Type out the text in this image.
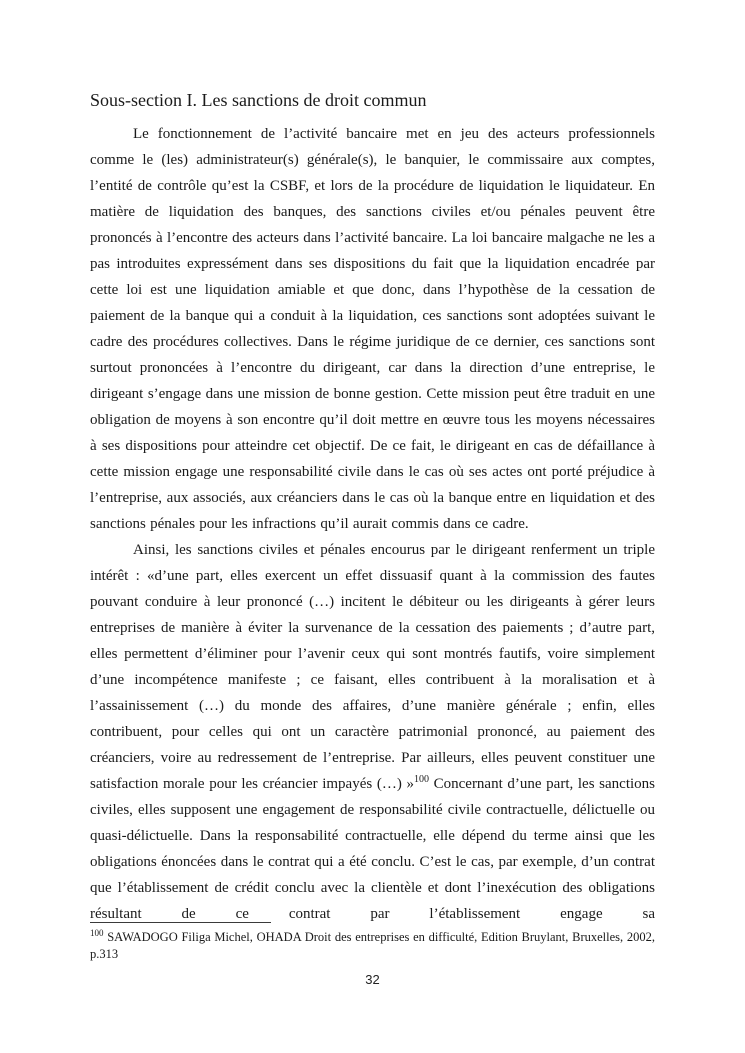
Sous-section I. Les sanctions de droit commun

Le fonctionnement de l’activité bancaire met en jeu des acteurs professionnels comme le (les) administrateur(s) générale(s), le banquier, le commissaire aux comptes, l’entité de contrôle qu’est la CSBF, et lors de la procédure de liquidation le liquidateur. En matière de liquidation des banques, des sanctions civiles et/ou pénales peuvent être prononcés à l’encontre des acteurs dans l’activité bancaire. La loi bancaire malgache ne les a pas introduites expressément dans ses dispositions du fait que la liquidation encadrée par cette loi est une liquidation amiable et que donc, dans l’hypothèse de la cessation de paiement de la banque qui a conduit à la liquidation, ces sanctions sont adoptées suivant le cadre des procédures collectives. Dans le régime juridique de ce dernier, ces sanctions sont surtout prononcées à l’encontre du dirigeant, car dans la direction d’une entreprise, le dirigeant s’engage dans une mission de bonne gestion. Cette mission peut être traduit en une obligation de moyens à son encontre qu’il doit mettre en œuvre tous les moyens nécessaires à ses dispositions pour atteindre cet objectif. De ce fait, le dirigeant en cas de défaillance à cette mission engage une responsabilité civile dans le cas où ses actes ont porté préjudice à l’entreprise, aux associés, aux créanciers dans le cas où la banque entre en liquidation et des sanctions pénales pour les infractions qu’il aurait commis dans ce cadre.

Ainsi, les sanctions civiles et pénales encourus par le dirigeant renferment un triple intérêt : «d’une part, elles exercent un effet dissuasif quant à la commission des fautes pouvant conduire à leur prononcé (…) incitent le débiteur ou les dirigeants à gérer leurs entreprises de manière à éviter la survenance de la cessation des paiements ; d’autre part, elles permettent d’éliminer pour l’avenir ceux qui sont montrés fautifs, voire simplement d’une incompétence manifeste ; ce faisant, elles contribuent à la moralisation et à l’assainissement (…) du monde des affaires, d’une manière générale ; enfin, elles contribuent, pour celles qui ont un caractère patrimonial prononcé, au paiement des créanciers, voire au redressement de l’entreprise. Par ailleurs, elles peuvent constituer une satisfaction morale pour les créancier impayés (…) »$^{100}$ Concernant d’une part, les sanctions civiles, elles supposent une engagement de responsabilité civile contractuelle, délictuelle ou quasi-délictuelle. Dans la responsabilité contractuelle, elle dépend du terme ainsi que les obligations énoncées dans le contrat qui a été conclu. C’est le cas, par exemple, d’un contrat que l’établissement de crédit conclu avec la clientèle et dont l’inexécution des obligations résultant de ce contrat par l’établissement engage sa

$^{100}$ SAWADOGO Filiga Michel, OHADA Droit des entreprises en difficulté, Edition Bruylant, Bruxelles, 2002, p.313
32
